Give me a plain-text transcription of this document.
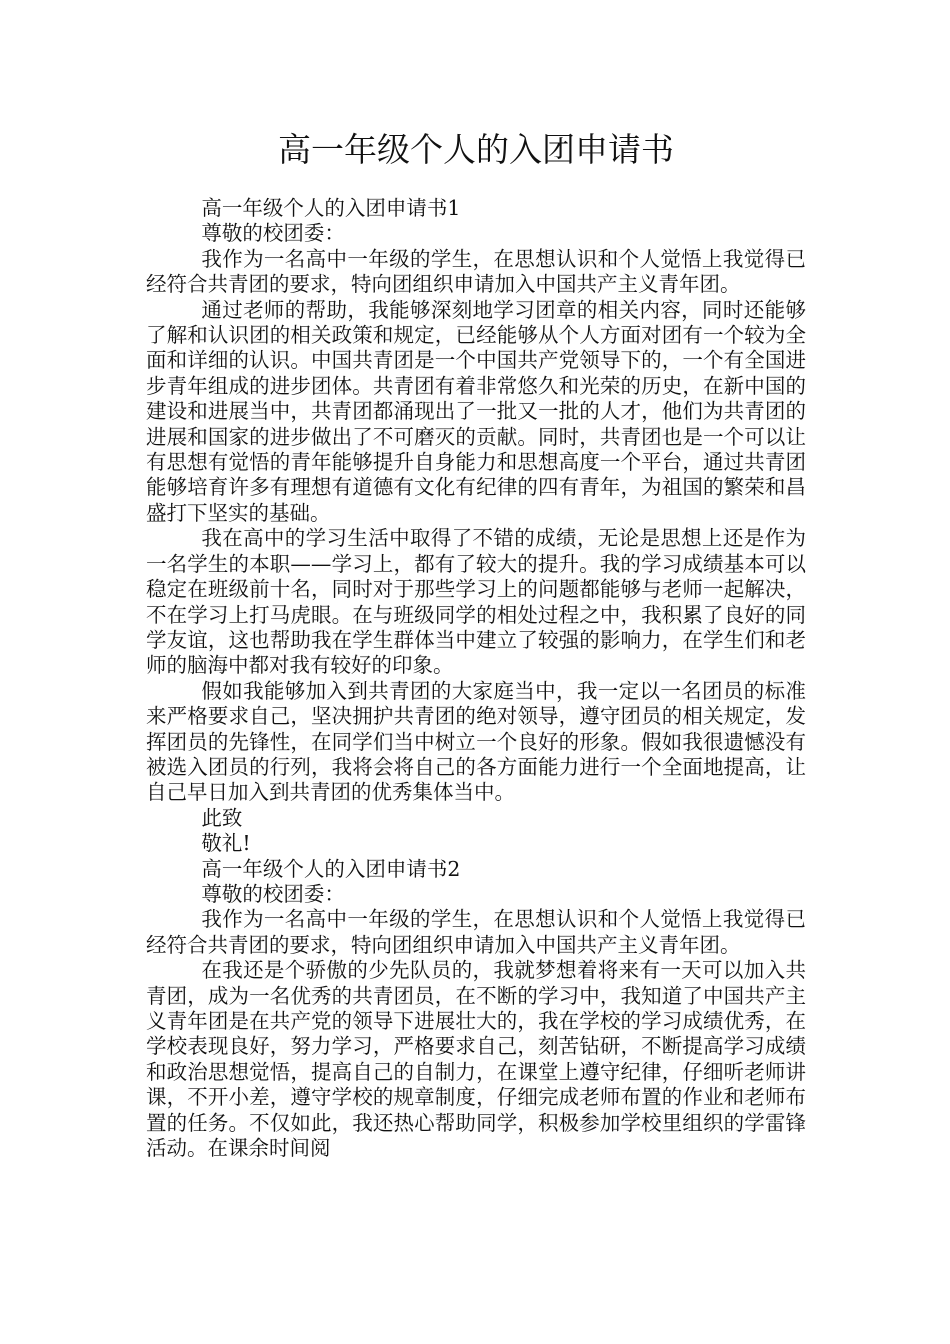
高一年级个人的入团申请书

高一年级个人的入团申请书1

尊敬的校团委：

我作为一名高中一年级的学生，在思想认识和个人觉悟上我觉得已经符合共青团的要求，特向团组织申请加入中国共产主义青年团。

通过老师的帮助，我能够深刻地学习团章的相关内容，同时还能够了解和认识团的相关政策和规定，已经能够从个人方面对团有一个较为全面和详细的认识。中国共青团是一个中国共产党领导下的，一个有全国进步青年组成的进步团体。共青团有着非常悠久和光荣的历史，在新中国的建设和进展当中，共青团都涌现出了一批又一批的人才，他们为共青团的进展和国家的进步做出了不可磨灭的贡献。同时，共青团也是一个可以让有思想有觉悟的青年能够提升自身能力和思想高度一个平台，通过共青团能够培育许多有理想有道德有文化有纪律的四有青年，为祖国的繁荣和昌盛打下坚实的基础。

我在高中的学习生活中取得了不错的成绩，无论是思想上还是作为一名学生的本职——学习上，都有了较大的提升。我的学习成绩基本可以稳定在班级前十名，同时对于那些学习上的问题都能够与老师一起解决，不在学习上打马虎眼。在与班级同学的相处过程之中，我积累了良好的同学友谊，这也帮助我在学生群体当中建立了较强的影响力，在学生们和老师的脑海中都对我有较好的印象。

假如我能够加入到共青团的大家庭当中，我一定以一名团员的标准来严格要求自己，坚决拥护共青团的绝对领导，遵守团员的相关规定，发挥团员的先锋性，在同学们当中树立一个良好的形象。假如我很遗憾没有被选入团员的行列，我将会将自己的各方面能力进行一个全面地提高，让自己早日加入到共青团的优秀集体当中。

此致

敬礼!

高一年级个人的入团申请书2

尊敬的校团委：

我作为一名高中一年级的学生，在思想认识和个人觉悟上我觉得已经符合共青团的要求，特向团组织申请加入中国共产主义青年团。

在我还是个骄傲的少先队员的，我就梦想着将来有一天可以加入共青团，成为一名优秀的共青团员，在不断的学习中，我知道了中国共产主义青年团是在共产党的领导下进展壮大的，我在学校的学习成绩优秀，在学校表现良好，努力学习，严格要求自己，刻苦钻研，不断提高学习成绩和政治思想觉悟，提高自己的自制力，在课堂上遵守纪律，仔细听老师讲课，不开小差，遵守学校的规章制度，仔细完成老师布置的作业和老师布置的任务。不仅如此，我还热心帮助同学，积极参加学校里组织的学雷锋活动。在课余时间阅
